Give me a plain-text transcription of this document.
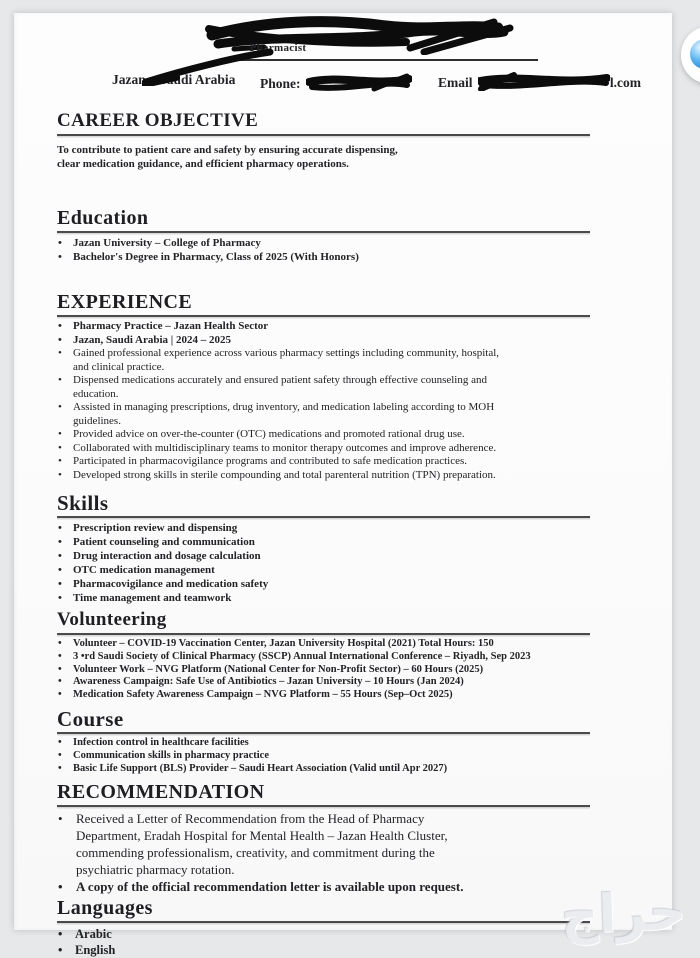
Pharmacist
Jazan – Saudi Arabia Phone:	Email	l.com
CAREER OBJECTIVE

To contribute to patient care and safety by ensuring accurate dispensing, clear medication guidance, and efficient pharmacy operations.

Education
• Jazan University – College of Pharmacy
• Bachelor's Degree in Pharmacy, Class of 2025 (With Honors)
EXPERIENCE
• Pharmacy Practice – Jazan Health Sector
• Jazan, Saudi Arabia | 2024 – 2025
• Gained professional experience across various pharmacy settings including community, hospital, and clinical practice.
• Dispensed medications accurately and ensured patient safety through effective counseling and education.
• Assisted in managing prescriptions, drug inventory, and medication labeling according to MOH guidelines.
• Provided advice on over-the-counter (OTC) medications and promoted rational drug use.
• Collaborated with multidisciplinary teams to monitor therapy outcomes and improve adherence.
• Participated in pharmacovigilance programs and contributed to safe medication practices.
• Developed strong skills in sterile compounding and total parenteral nutrition (TPN) preparation.
Skills
• Prescription review and dispensing
• Patient counseling and communication
• Drug interaction and dosage calculation
• OTC medication management
• Pharmacovigilance and medication safety
• Time management and teamwork
Volunteering
• Volunteer – COVID-19 Vaccination Center, Jazan University Hospital (2021) Total Hours: 150
• 3 •rd Saudi Society of Clinical Pharmacy (SSCP) Annual International Conference – Riyadh, Sep 2023
• Volunteer Work – NVG Platform (National Center for Non-Profit Sector) – 60 Hours (2025)
• Awareness Campaign: Safe Use of Antibiotics – Jazan University – 10 Hours (Jan 2024)
• Medication Safety Awareness Campaign – NVG Platform – 55 Hours (Sep–Oct 2025)
Course
• Infection control in healthcare facilities
• Communication skills in pharmacy practice
• Basic Life Support (BLS) Provider – Saudi Heart Association (Valid until Apr 2027)
RECOMMENDATION
• Received a Letter of Recommendation from the Head of Pharmacy Department, Eradah Hospital for Mental Health – Jazan Health Cluster, commending professionalism, creativity, and commitment during the psychiatric pharmacy rotation.
• A copy of the official recommendation letter is available upon request.
Languages
• Arabic
• English
حراج
